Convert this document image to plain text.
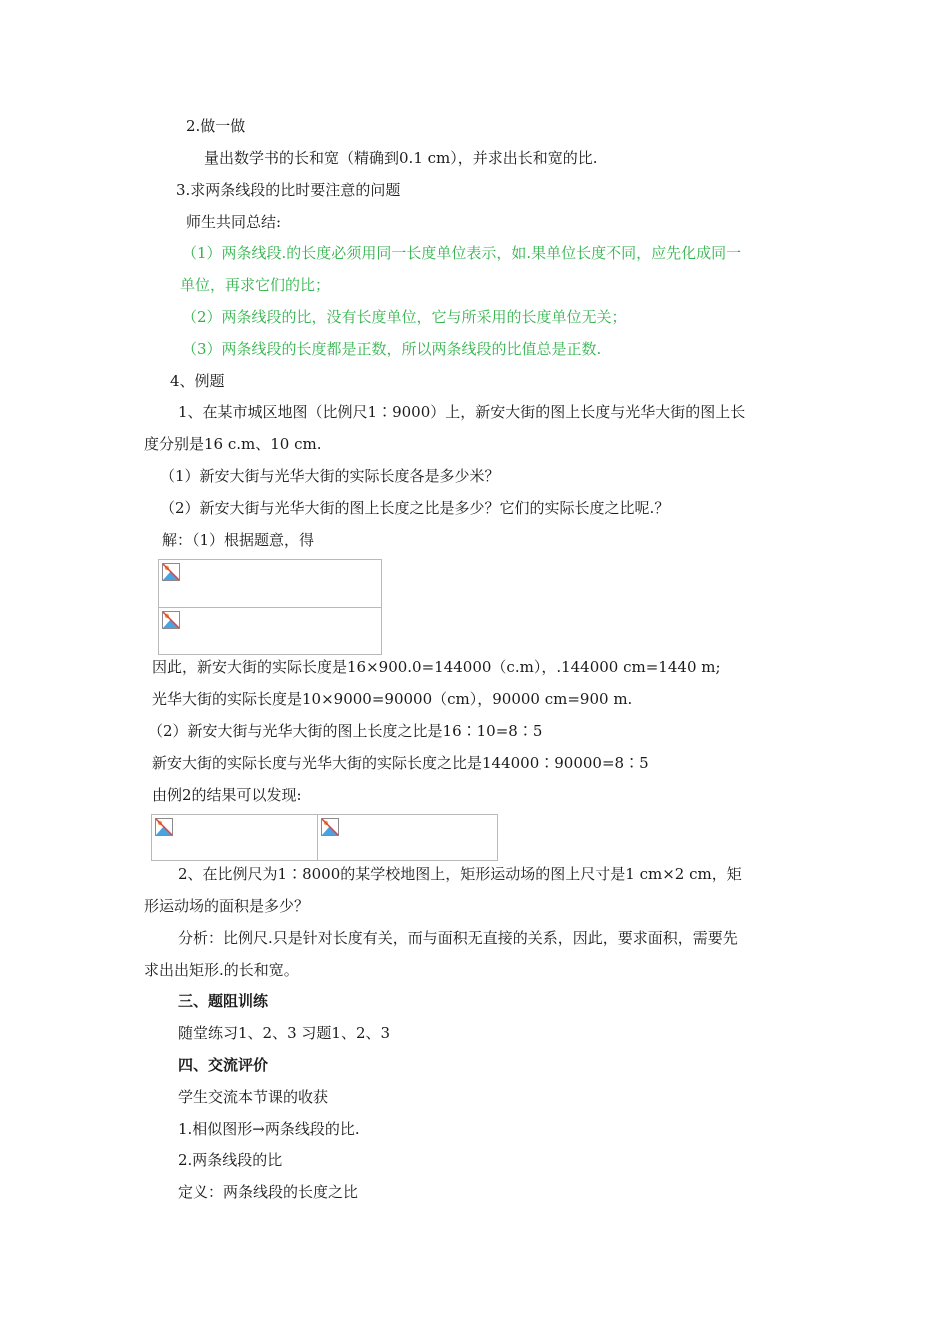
2.做一做
量出数学书的长和宽（精确到0.1 cm），并求出长和宽的比.
3.求两条线段的比时要注意的问题
师生共同总结:
（1）两条线段.的长度必须用同一长度单位表示，如.果单位长度不同，应先化成同一
单位，再求它们的比；
（2）两条线段的比，没有长度单位，它与所采用的长度单位无关；
（3）两条线段的长度都是正数，所以两条线段的比值总是正数.
4、例题
1、在某市城区地图（比例尺1∶9000）上，新安大街的图上长度与光华大街的图上长
度分别是16 c.m、10 cm.
（1）新安大街与光华大街的实际长度各是多少米？
（2）新安大街与光华大街的图上长度之比是多少？它们的实际长度之比呢.？
解：（1）根据题意，得
因此，新安大街的实际长度是16×900.0=144000（c.m），.144000 cm=1440 m;
光华大街的实际长度是10×9000=90000（cm），90000 cm=900 m.
（2）新安大街与光华大街的图上长度之比是16∶10=8∶5
新安大街的实际长度与光华大街的实际长度之比是144000∶90000=8∶5
由例2的结果可以发现:
2、在比例尺为1∶8000的某学校地图上，矩形运动场的图上尺寸是1 cm×2 cm，矩
形运动场的面积是多少？
分析：比例尺.只是针对长度有关，而与面积无直接的关系，因此，要求面积，需要先
求出出矩形.的长和宽。
三、题阻训练
随堂练习1、2、3 习题1、2、3
四、交流评价
学生交流本节课的收获
1.相似图形→两条线段的比.
2.两条线段的比
定义：两条线段的长度之比
